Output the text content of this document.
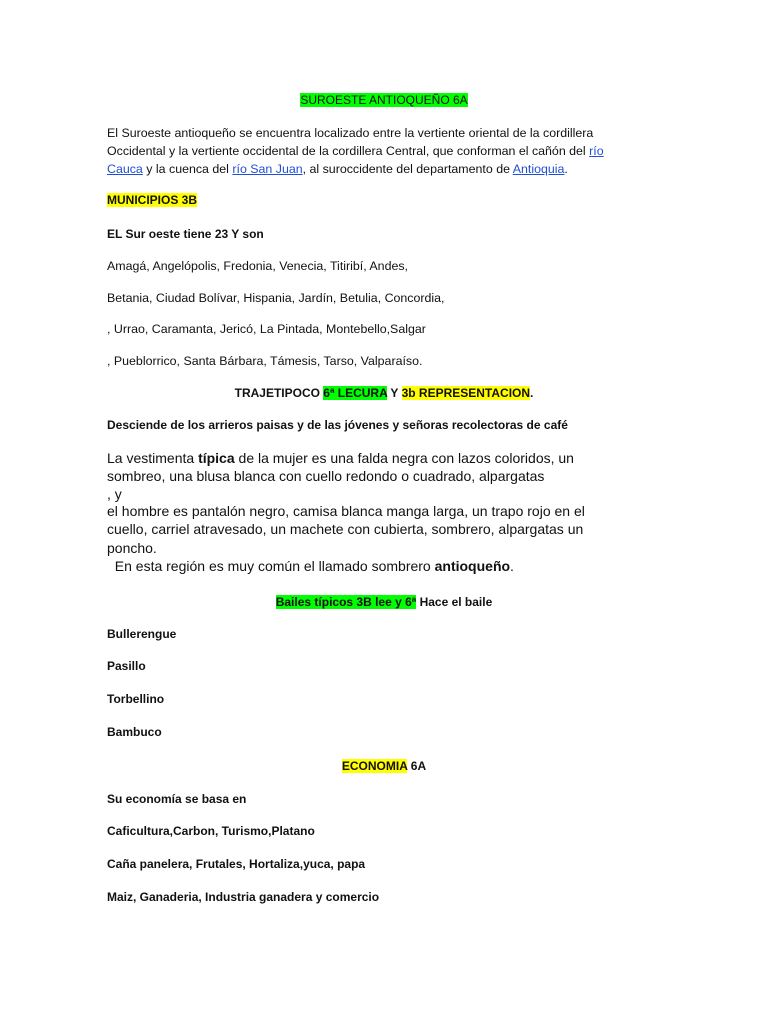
SUROESTE ANTIOQUEÑO 6A
El Suroeste antioqueño se encuentra localizado entre la vertiente oriental de la cordillera
Occidental y la vertiente occidental de la cordillera Central, que conforman el cañón del río
Cauca y la cuenca del río San Juan, al suroccidente del departamento de Antioquia.
MUNICIPIOS 3B
EL Sur oeste tiene 23 Y son
Amagá, Angelópolis, Fredonia, Venecia, Titiribí, Andes,
Betania, Ciudad Bolívar, Hispania, Jardín, Betulia, Concordia,
, Urrao, Caramanta, Jericó, La Pintada, Montebello,Salgar
, Pueblorrico, Santa Bárbara, Támesis, Tarso, Valparaíso.
TRAJETIPOCO 6ª LECURA Y 3b REPRESENTACION.
Desciende de los arrieros paisas y de las jóvenes y señoras recolectoras de café
La vestimenta típica de la mujer es una falda negra con lazos coloridos, un
sombreo, una blusa blanca con cuello redondo o cuadrado, alpargatas
, y
el hombre es pantalón negro, camisa blanca manga larga, un trapo rojo en el
cuello, carriel atravesado, un machete con cubierta, sombrero, alpargatas un
poncho.
En esta región es muy común el llamado sombrero antioqueño.
Bailes típicos 3B lee y 6ª Hace el baile
Bullerengue
Pasillo
Torbellino
Bambuco
ECONOMIA 6A
Su economía se basa en
Caficultura,Carbon, Turismo,Platano
Caña panelera, Frutales, Hortaliza,yuca, papa
Maiz, Ganaderia, Industria ganadera y comercio
